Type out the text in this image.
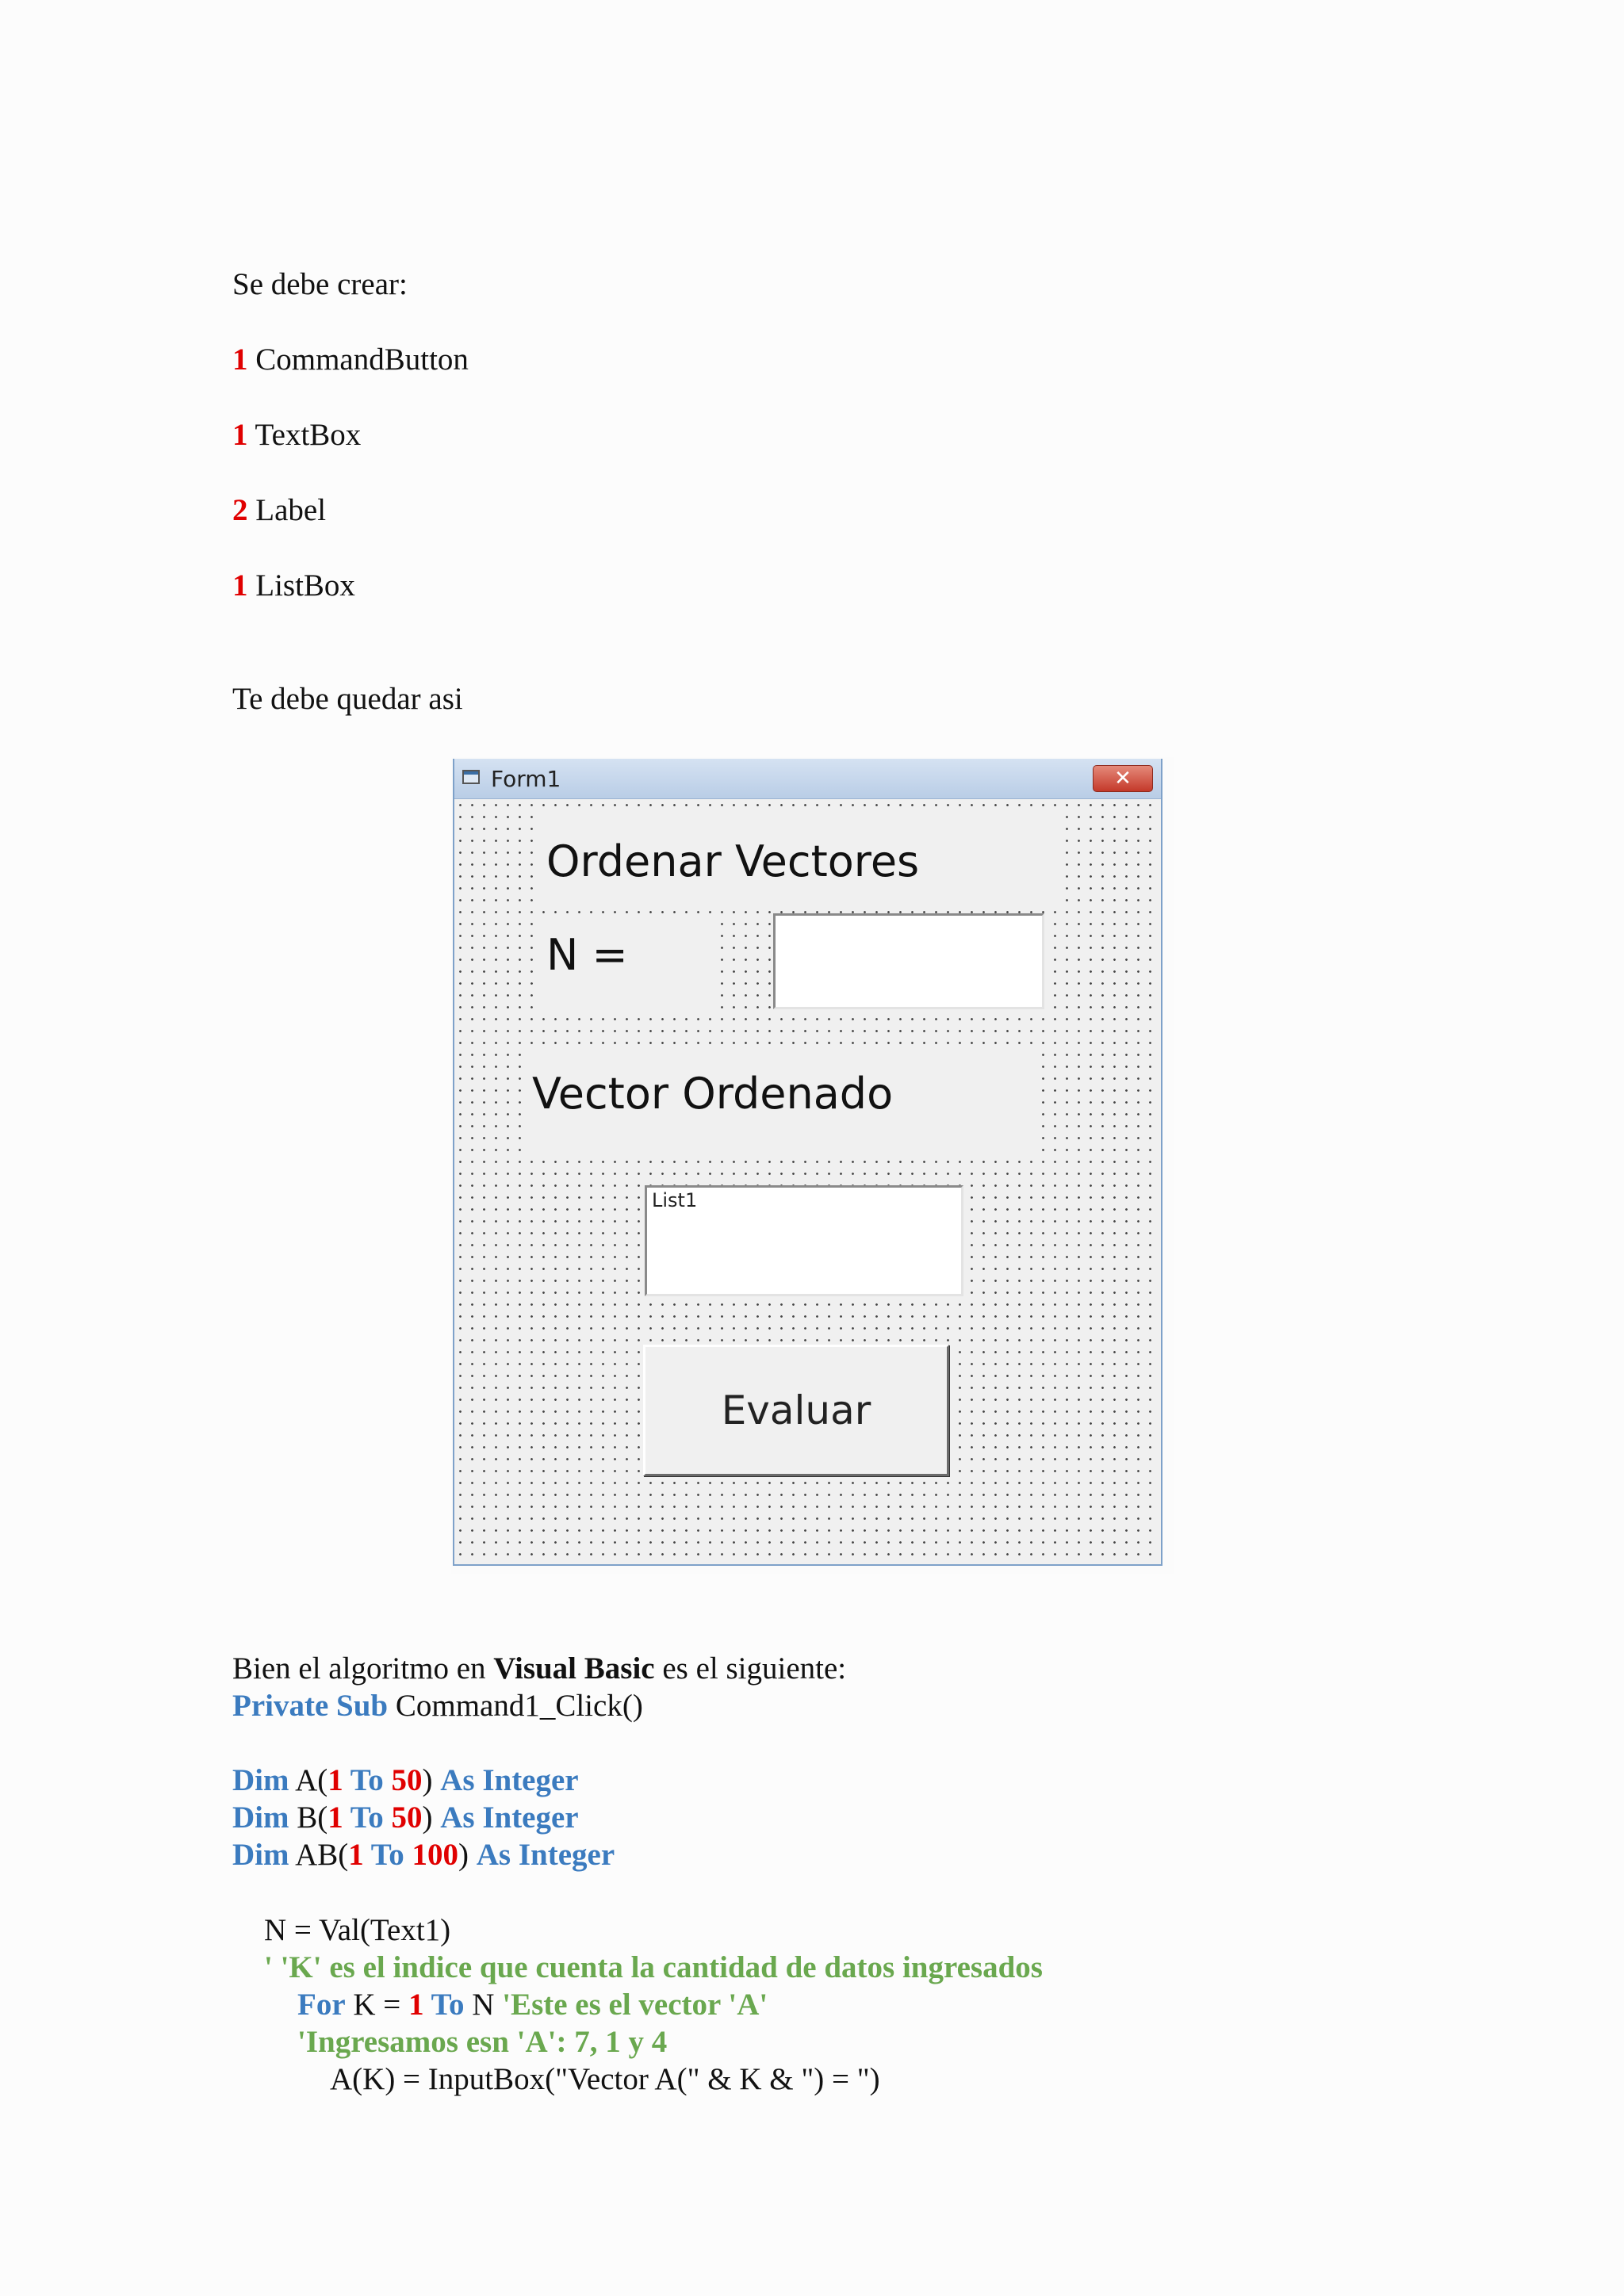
Se debe crear:

1 CommandButton

1 TextBox

2 Label

1 ListBox

Te debe quedar asi

Form1	✕
Ordenar Vectores
N =
Vector Ordenado
List1
Evaluar

Bien el algoritmo en Visual Basic es el siguiente:

Private Sub Command1_Click()

Dim A(1 To 50) As Integer

Dim B(1 To 50) As Integer

Dim AB(1 To 100) As Integer

N = Val(Text1)

' 'K' es el indice que cuenta la cantidad de datos ingresados

For K = 1 To N 'Este es el vector 'A'

'Ingresamos esn 'A': 7, 1 y 4

A(K) = InputBox("Vector A(" & K & ") = ")
